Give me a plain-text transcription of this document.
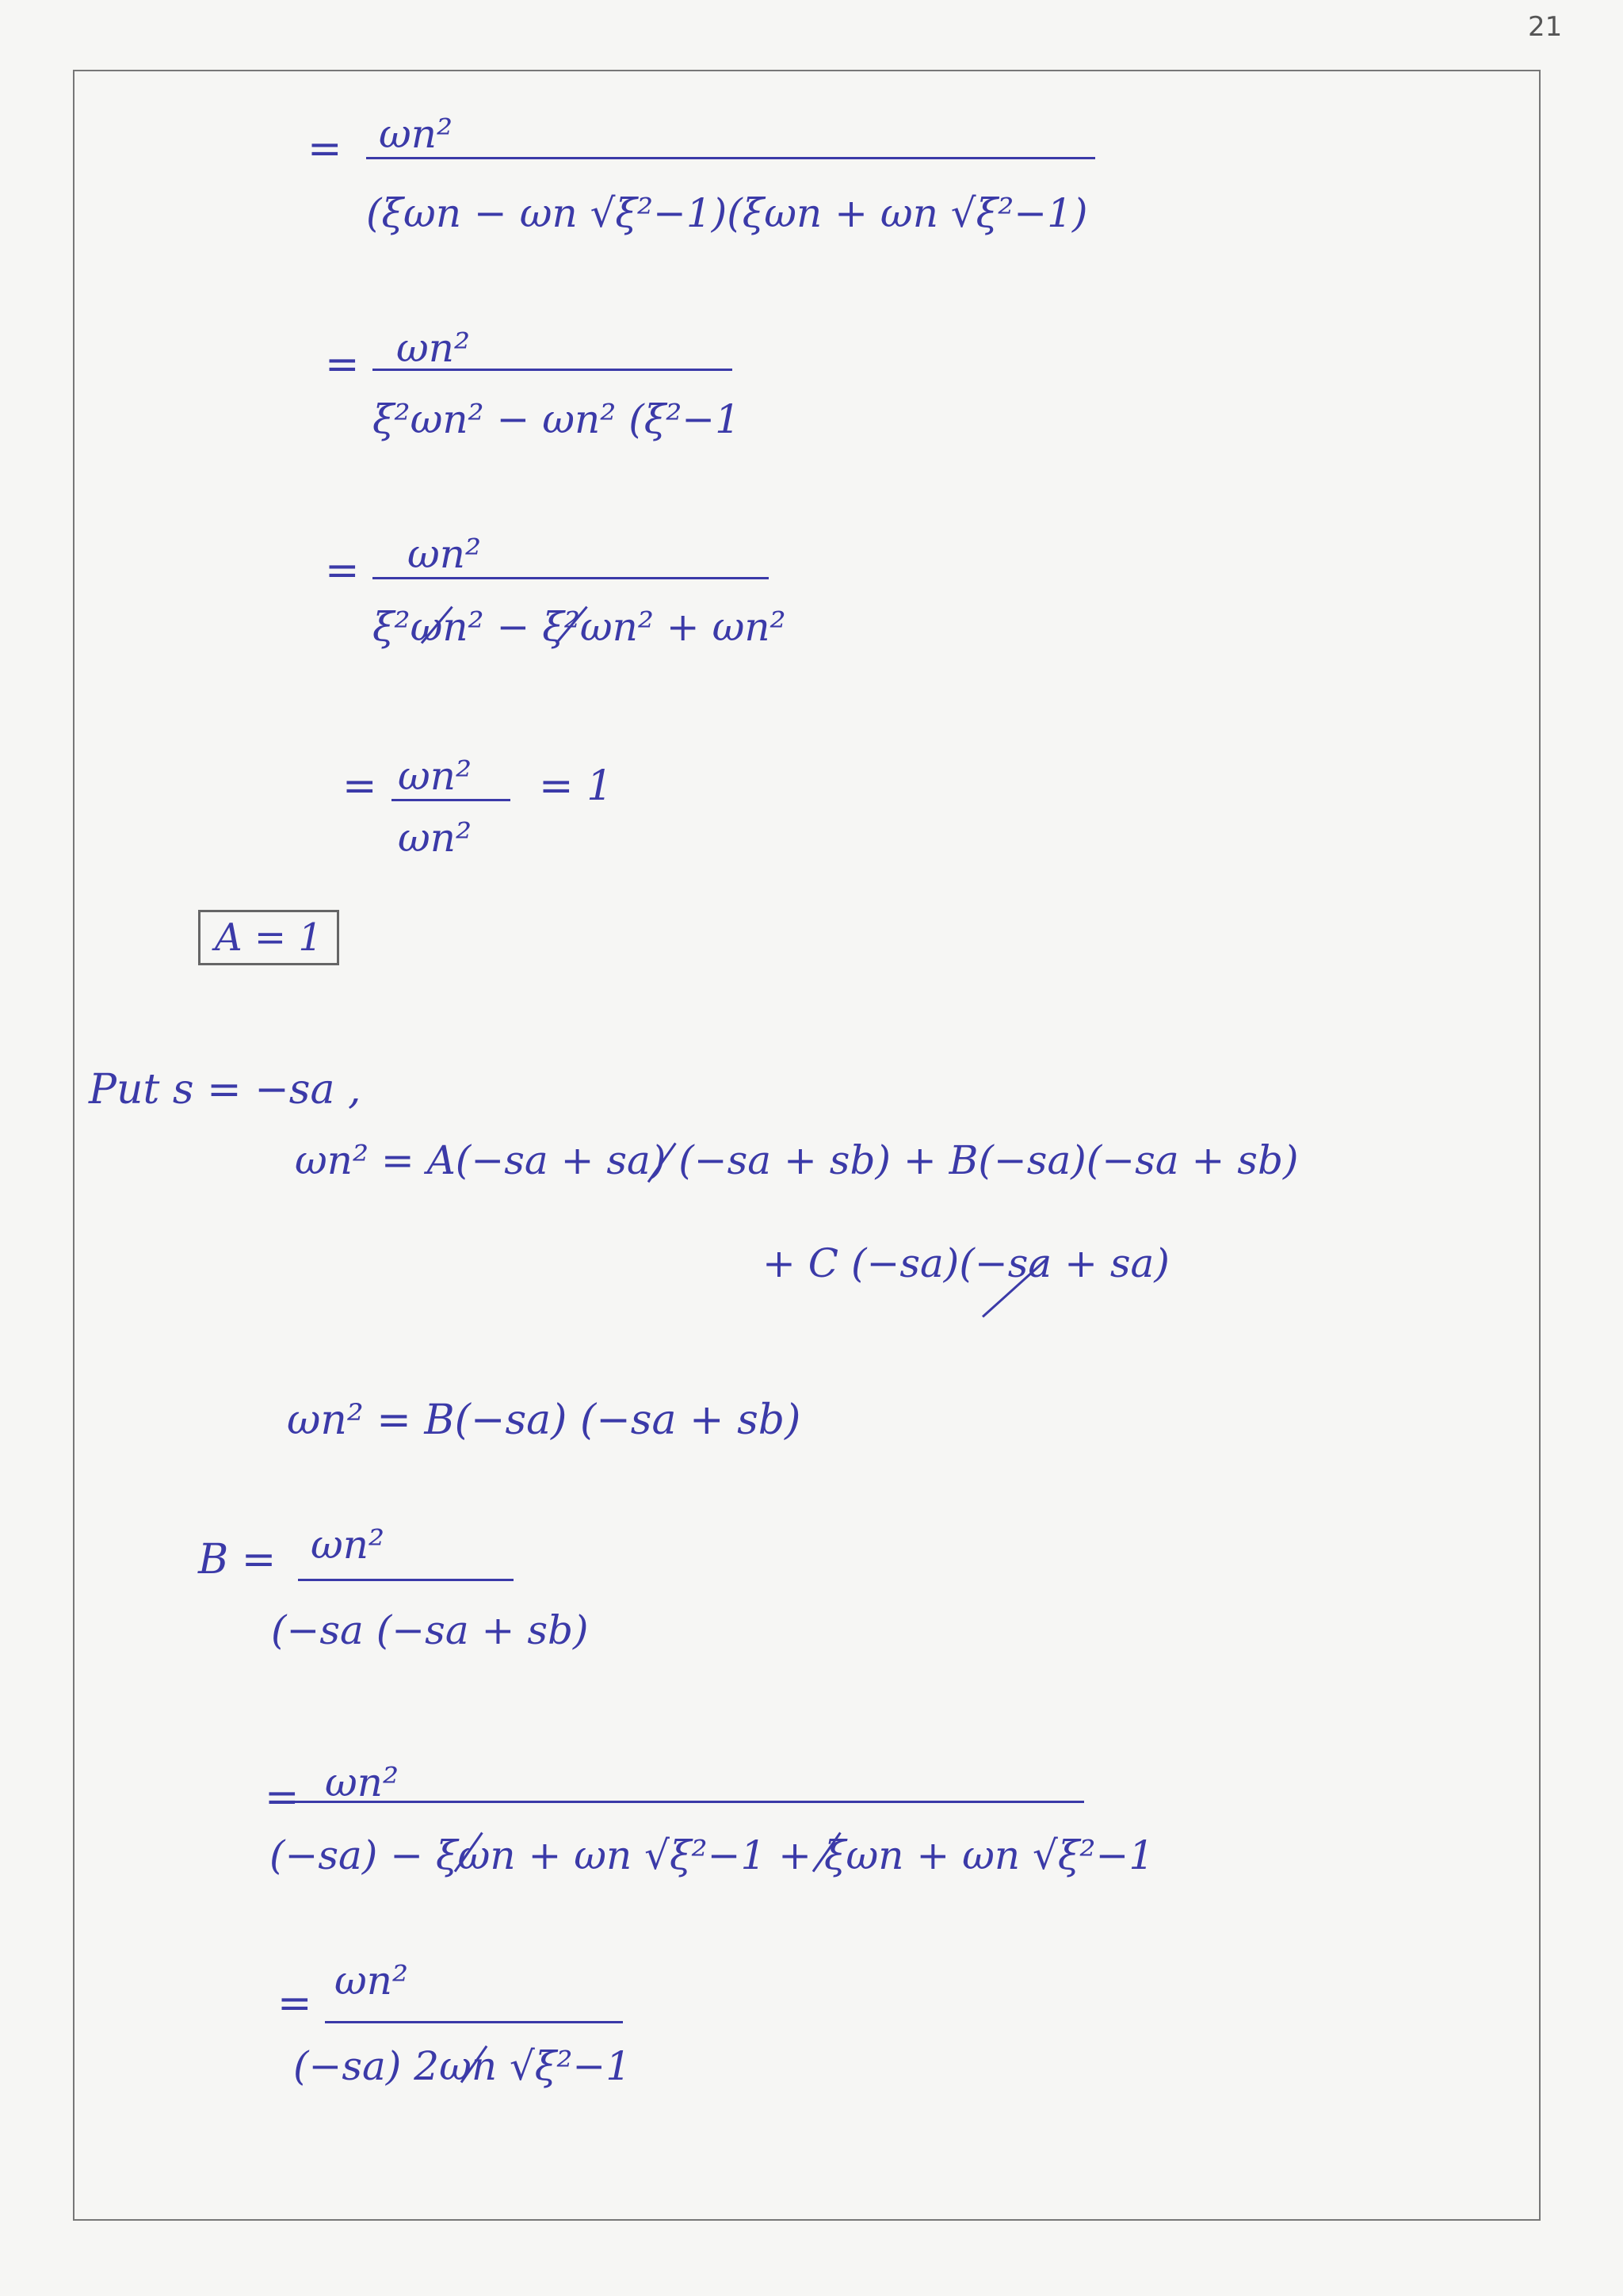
21
= ωn²
(ξωn − ωn √ξ²−1)(ξωn + ωn √ξ²−1)
= ωn²
ξ²ωn² − ωn² (ξ²−1
= ωn²
ξ²ωn² − ξ²ωn² + ωn²
= ωn²
ωn²
= 1
A = 1
Put s = −sa ,
ωn² = A(−sa + sa) (−sa + sb) + B(−sa)(−sa + sb)
+ C (−sa)(−sa + sa)
ωn² = B(−sa) (−sa + sb)
B = ωn²
(−sa (−sa + sb)
= ωn²
(−sa) − ξωn + ωn √ξ²−1 + ξωn + ωn √ξ²−1
= ωn²
(−sa) 2ωn √ξ²−1
